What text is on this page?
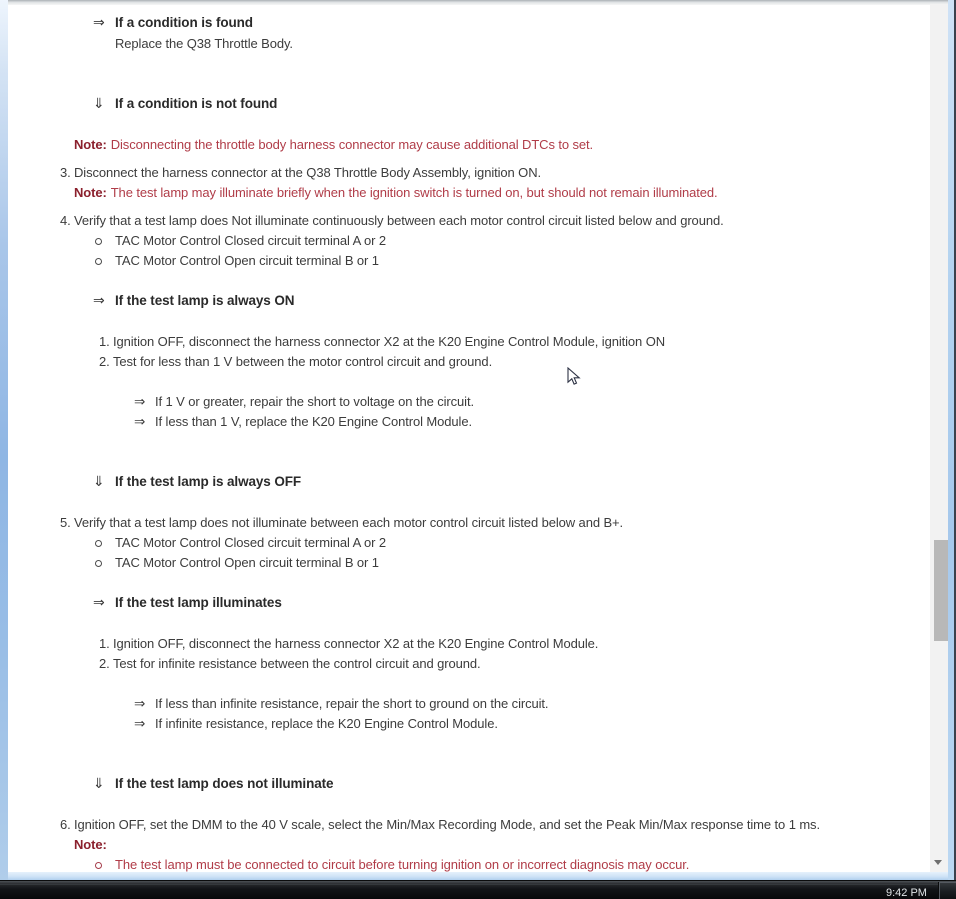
⇒ If a condition is found
Replace the Q38 Throttle Body.
⇓ If a condition is not found
Note: Disconnecting the throttle body harness connector may cause additional DTCs to set.
3. Disconnect the harness connector at the Q38 Throttle Body Assembly, ignition ON.
Note: The test lamp may illuminate briefly when the ignition switch is turned on, but should not remain illuminated.
4. Verify that a test lamp does Not illuminate continuously between each motor control circuit listed below and ground.
TAC Motor Control Closed circuit terminal A or 2
TAC Motor Control Open circuit terminal B or 1
⇒ If the test lamp is always ON
1. Ignition OFF, disconnect the harness connector X2 at the K20 Engine Control Module, ignition ON
2. Test for less than 1 V between the motor control circuit and ground.
⇒ If 1 V or greater, repair the short to voltage on the circuit.
⇒ If less than 1 V, replace the K20 Engine Control Module.
⇓ If the test lamp is always OFF
5. Verify that a test lamp does not illuminate between each motor control circuit listed below and B+.
TAC Motor Control Closed circuit terminal A or 2
TAC Motor Control Open circuit terminal B or 1
⇒ If the test lamp illuminates
1. Ignition OFF, disconnect the harness connector X2 at the K20 Engine Control Module.
2. Test for infinite resistance between the control circuit and ground.
⇒ If less than infinite resistance, repair the short to ground on the circuit.
⇒ If infinite resistance, replace the K20 Engine Control Module.
⇓ If the test lamp does not illuminate
6. Ignition OFF, set the DMM to the 40 V scale, select the Min/Max Recording Mode, and set the Peak Min/Max response time to 1 ms.
Note:
The test lamp must be connected to circuit before turning ignition on or incorrect diagnosis may occur.
9:42 PM
